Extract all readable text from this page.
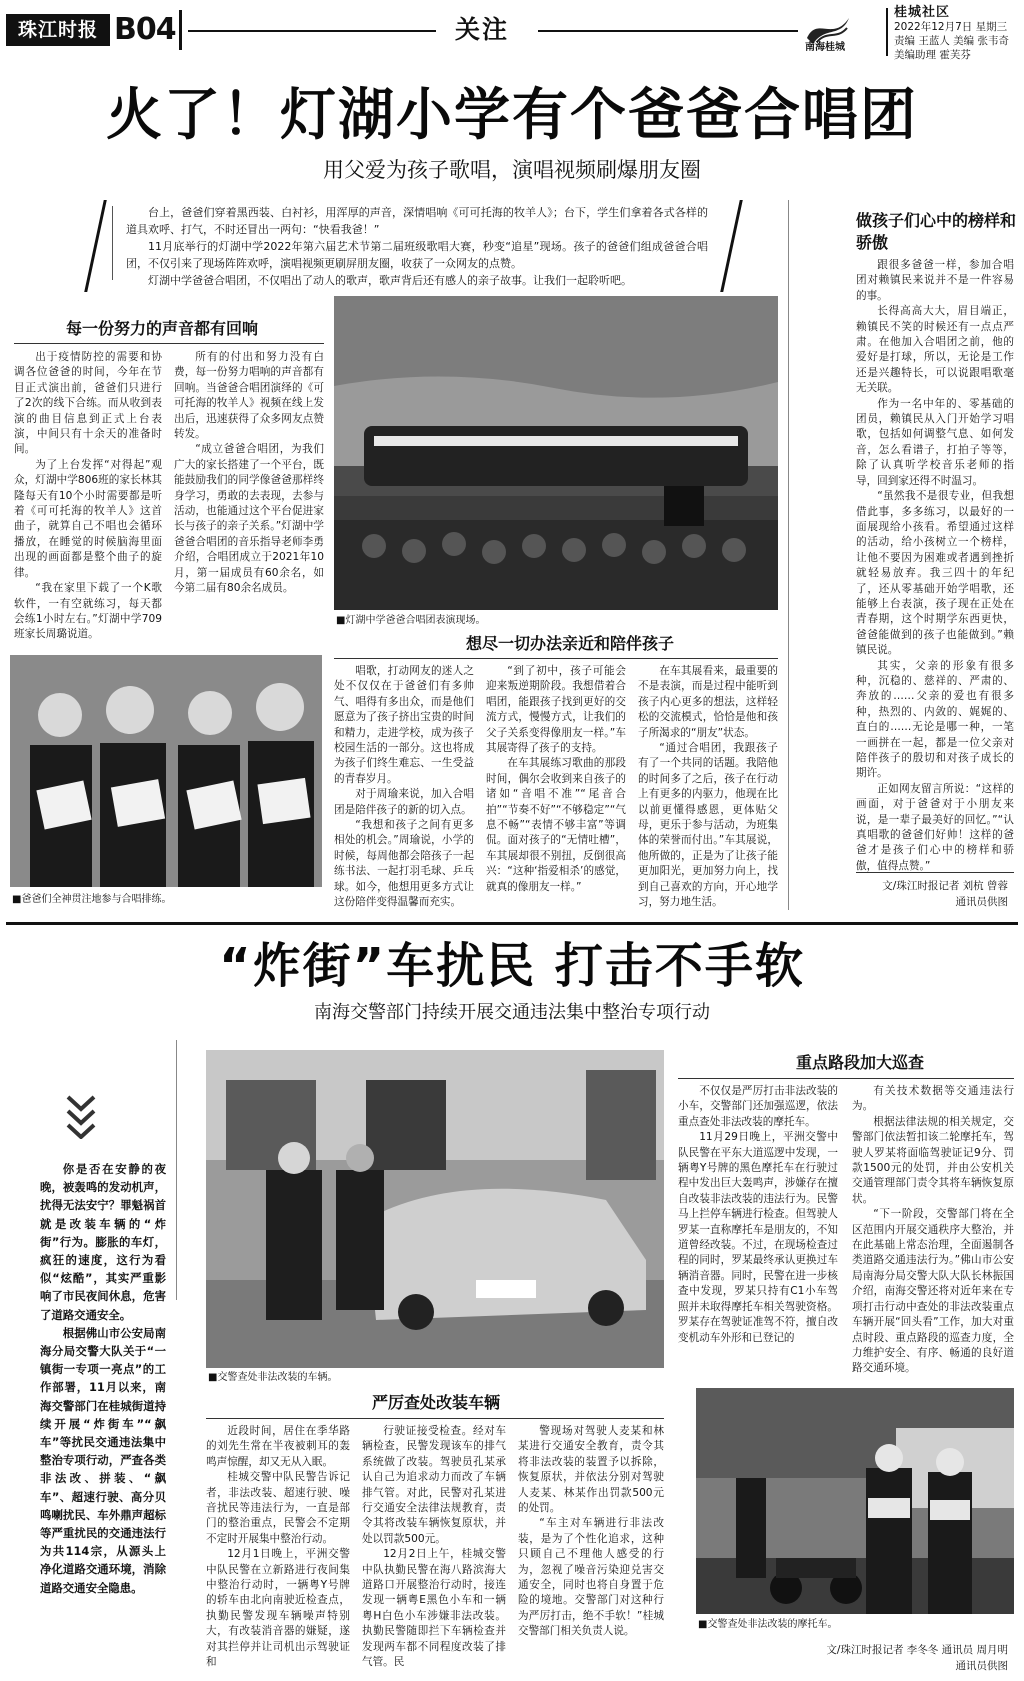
珠江时报 B04	关注
南海桂城
桂城社区
2022年12月7日 星期三
责编 王蓝人 美编 张韦奇
美编助理 霍芙芬
火了！灯湖小学有个爸爸合唱团
用父爱为孩子歌唱，演唱视频刷爆朋友圈

台上，爸爸们穿着黑西装、白衬衫，用浑厚的声音，深情唱响《可可托海的牧羊人》；台下，学生们拿着各式各样的道具欢呼、打气，不时还冒出一两句：“快看我爸！”

11月底举行的灯湖中学2022年第六届艺术节第二届班级歌唱大赛，秒变“追星”现场。孩子的爸爸们组成爸爸合唱团，不仅引来了现场阵阵欢呼，演唱视频更刷屏朋友圈，收获了一众网友的点赞。

灯湖中学爸爸合唱团，不仅唱出了动人的歌声，歌声背后还有感人的亲子故事。让我们一起聆听吧。

每一份努力的声音都有回响

出于疫情防控的需要和协调各位爸爸的时间，今年在节目正式演出前，爸爸们只进行了2次的线下合练。而从收到表演的曲目信息到正式上台表演，中间只有十余天的准备时间。

为了上台发挥“对得起”观众，灯湖中学806班的家长林其隆每天有10个小时需要都是听着《可可托海的牧羊人》这首曲子，就算自己不唱也会循环播放，在睡觉的时候脑海里面出现的画面都是整个曲子的旋律。

“我在家里下载了一个K歌软件，一有空就练习，每天都会练1小时左右。”灯湖中学709班家长周璐说道。

所有的付出和努力没有白费，每一份努力唱响的声音都有回响。当爸爸合唱团演绎的《可可托海的牧羊人》视频在线上发出后，迅速获得了众多网友点赞转发。

“成立爸爸合唱团，为我们广大的家长搭建了一个平台，既能鼓励我们的同学像爸爸那样终身学习，勇敢的去表现，去参与活动，也能通过这个平台促进家长与孩子的亲子关系。”灯湖中学爸爸合唱团的音乐指导老师李勇介绍，合唱团成立于2021年10月，第一届成员有60余名，如今第二届有80余名成员。

■灯湖中学爸爸合唱团表演现场。
■爸爸们全神贯注地参与合唱排练。
想尽一切办法亲近和陪伴孩子

唱歌，打动网友的迷人之处不仅仅在于爸爸们有多帅气、唱得有多出众，而是他们愿意为了孩子挤出宝贵的时间和精力，走进学校，成为孩子校园生活的一部分。这也将成为孩子们终生难忘、一生受益的青春岁月。

对于周瑜来说，加入合唱团是陪伴孩子的新的切入点。

“我想和孩子之间有更多相处的机会。”周瑜说，小学的时候，每周他都会陪孩子一起练书法、一起打羽毛球、乒乓球。如今，他想用更多方式让这份陪伴变得温馨而充实。

“到了初中，孩子可能会迎来叛逆期阶段。我想借着合唱团，能跟孩子找到更好的交流方式，慢慢方式，让我们的父子关系变得像朋友一样。”车其展寄得了孩子的支持。

在车其展练习歌曲的那段时间，偶尔会收到来自孩子的诸如“音唱不准”“尾音合拍”“节奏不好”“不够稳定”“气息不畅”“表情不够丰富”等调侃。面对孩子的“无情吐槽”，车其展却很不别扭，反倒很高兴：“这种‘指爱相杀’的感觉，就真的像朋友一样。”

在车其展看来，最重要的不是表演，而是过程中能听到孩子内心更多的想法，这样轻松的交流模式，恰恰是他和孩子所渴求的“朋友”状态。

“通过合唱团，我跟孩子有了一个共同的话题。我陪他的时间多了之后，孩子在行动上有更多的内驱力，他现在比以前更懂得感恩，更体贴父母，更乐于参与活动，为班集体的荣誉而付出。”车其展说，他所做的，正是为了让孩子能更加阳光，更加努力向上，找到自己喜欢的方向，开心地学习，努力地生活。

做孩子们心中的榜样和骄傲

跟很多爸爸一样，参加合唱团对赖镇民来说并不是一件容易的事。

长得高高大大，眉目端正，赖镇民不笑的时候还有一点点严肃。在他加入合唱团之前，他的爱好是打球，所以，无论是工作还是兴趣特长，可以说跟唱歌毫无关联。

作为一名中年的、零基础的团员，赖镇民从入门开始学习唱歌，包括如何调整气息、如何发音，怎么看谱子，打拍子等等，除了认真听学校音乐老师的指导，回到家还得不时温习。

“虽然我不是很专业，但我想借此事，多多练习，以最好的一面展现给小孩看。希望通过这样的活动，给小孩树立一个榜样，让他不要因为困难或者遇到挫折就轻易放弃。我三四十的年纪了，还从零基础开始学唱歌，还能够上台表演，孩子现在正处在青春期，这个时期学东西更快，爸爸能做到的孩子也能做到。”赖镇民说。

其实，父亲的形象有很多种，沉稳的、慈祥的、严肃的、奔放的……父亲的爱也有很多种，热烈的、内敛的、娓娓的、直白的……无论是哪一种，一笔一画拼在一起，都是一位父亲对陪伴孩子的殷切和对孩子成长的期许。

正如网友留言所说：“这样的画面，对于爸爸对于小朋友来说，是一辈子最美好的回忆。”“认真唱歌的爸爸们好帅！这样的爸爸才是孩子们心中的榜样和骄傲，值得点赞。”

文/珠江时报记者 刘杭 曾蓉
通讯员供图
“炸街”车扰民 打击不手软
南海交警部门持续开展交通违法集中整治专项行动

你是否在安静的夜晚，被轰鸣的发动机声，扰得无法安宁？罪魁祸首就是改装车辆的“炸街”行为。膨胀的车灯，疯狂的速度，这行为看似“炫酷”，其实严重影响了市民夜间休息，危害了道路交通安全。

根据佛山市公安局南海分局交警大队关于“一镇街一专项一亮点”的工作部署，11月以来，南海交警部门在桂城街道持续开展“炸街车”“飙车”等扰民交通违法集中整治专项行动，严查各类非法改、拼装、“飙车”、超速行驶、高分贝鸣喇扰民、车外鼎声超标等严重扰民的交通违法行为共114宗，从源头上净化道路交通环境，消除道路交通安全隐患。

■交警查处非法改装的车辆。
严厉查处改装车辆

近段时间，居住在季华路的刘先生常在半夜被刺耳的轰鸣声惊醒，却又无从入眠。

桂城交警中队民警告诉记者，非法改装、超速行驶、噪音扰民等违法行为，一直是部门的整治重点，民警会不定期不定时开展集中整治行动。

12月1日晚上，平洲交警中队民警在立新路进行夜间集中整治行动时，一辆粤Y号牌的轿车由北向南驶近检查点，执勤民警发现车辆噪声特别大，有改装消音器的嫌疑，遂对其拦停并让司机出示驾驶证和

行驶证接受检查。经对车辆检查，民警发现该车的排气系统做了改装。驾驶员孔某承认自己为追求动力而改了车辆排气管。对此，民警对孔某进行交通安全法律法规教育，责令其将改装车辆恢复原状，并处以罚款500元。

12月2日上午，桂城交警中队执勤民警在海八路滨海大道路口开展整治行动时，接连发现一辆粤E黑色小车和一辆粤H白色小车涉嫌非法改装。执勤民警随即拦下车辆检查并发现两车都不同程度改装了排气管。民

警现场对驾驶人麦某和林某进行交通安全教育，责令其将非法改装的装置予以拆除，恢复原状，并依法分别对驾驶人麦某、林某作出罚款500元的处罚。

“车主对车辆进行非法改装，是为了个性化追求，这种只顾自己不理他人感受的行为，忽视了噪音污染迎兑害交通安全，同时也将自身置于危险的境地。交警部门对这种行为严厉打击，绝不手软！”桂城交警部门相关负责人说。

重点路段加大巡查

不仅仅是严厉打击非法改装的小车，交警部门还加强巡逻，依法重点查处非法改装的摩托车。

11月29日晚上，平洲交警中队民警在平东大道巡逻中发现，一辆粤Y号牌的黑色摩托车在行驶过程中发出巨大轰鸣声，涉嫌存在擅自改装非法改装的违法行为。民警马上拦停车辆进行检查。但驾驶人罗某一直称摩托车是朋友的，不知道曾经改装。不过，在现场检查过程的同时，罗某最终承认更换过车辆消音器。同时，民警在进一步核查中发现，罗某只持有C1小车驾照并未取得摩托车相关驾驶资格。罗某存在驾驶证准驾不符，擅自改变机动车外形和已登记的

有关技术数据等交通违法行为。

根据法律法规的相关规定，交警部门依法暂扣该二轮摩托车，驾驶人罗某将面临驾驶证记9分、罚款1500元的处罚，并由公安机关交通管理部门责令其将车辆恢复原状。

“下一阶段，交警部门将在全区范围内开展交通秩序大整治，并在此基础上常态治理，全面遏制各类道路交通违法行为。”佛山市公安局南海分局交警大队大队长林振国介绍，南海交警还将对近年来在专项打击行动中查处的非法改装重点车辆开展“回头看”工作，加大对重点时段、重点路段的巡查力度，全力维护安全、有序、畅通的良好道路交通环境。

■交警查处非法改装的摩托车。
文/珠江时报记者 李冬冬 通讯员 周月明
通讯员供图
